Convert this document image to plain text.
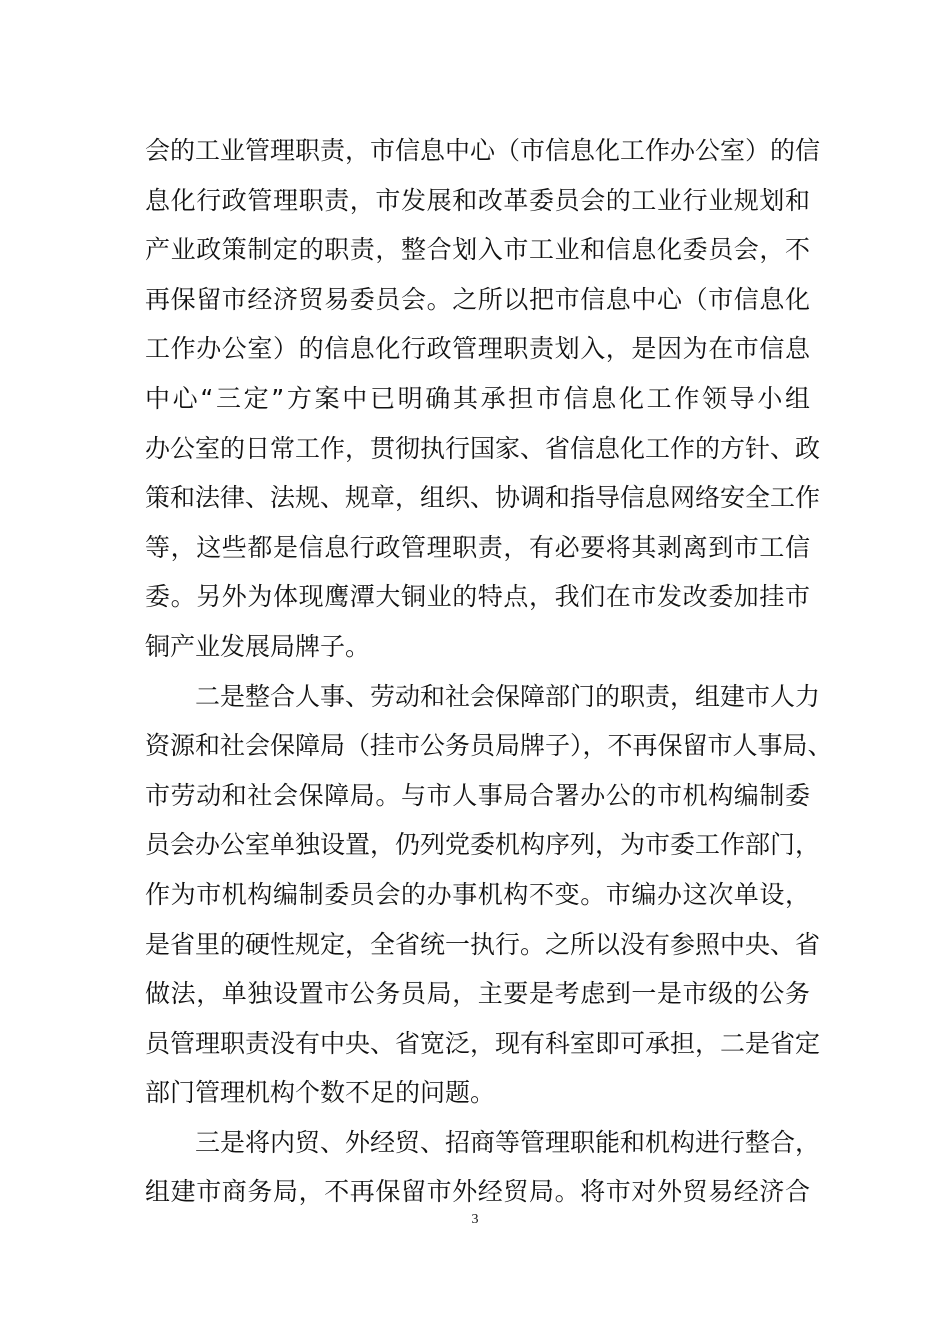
会的工业管理职责，市信息中心（市信息化工作办公室）的信
息化行政管理职责，市发展和改革委员会的工业行业规划和
产业政策制定的职责，整合划入市工业和信息化委员会，不
再保留市经济贸易委员会。之所以把市信息中心（市信息化
工作办公室）的信息化行政管理职责划入，是因为在市信息
中心“三定”方案中已明确其承担市信息化工作领导小组
办公室的日常工作，贯彻执行国家、省信息化工作的方针、政
策和法律、法规、规章，组织、协调和指导信息网络安全工作
等，这些都是信息行政管理职责，有必要将其剥离到市工信
委。另外为体现鹰潭大铜业的特点，我们在市发改委加挂市
铜产业发展局牌子。
二是整合人事、劳动和社会保障部门的职责，组建市人力
资源和社会保障局（挂市公务员局牌子），不再保留市人事局、
市劳动和社会保障局。与市人事局合署办公的市机构编制委
员会办公室单独设置，仍列党委机构序列，为市委工作部门，
作为市机构编制委员会的办事机构不变。市编办这次单设，
是省里的硬性规定，全省统一执行。之所以没有参照中央、省
做法，单独设置市公务员局，主要是考虑到一是市级的公务
员管理职责没有中央、省宽泛，现有科室即可承担，二是省定
部门管理机构个数不足的问题。
三是将内贸、外经贸、招商等管理职能和机构进行整合，
组建市商务局，不再保留市外经贸局。将市对外贸易经济合
3
